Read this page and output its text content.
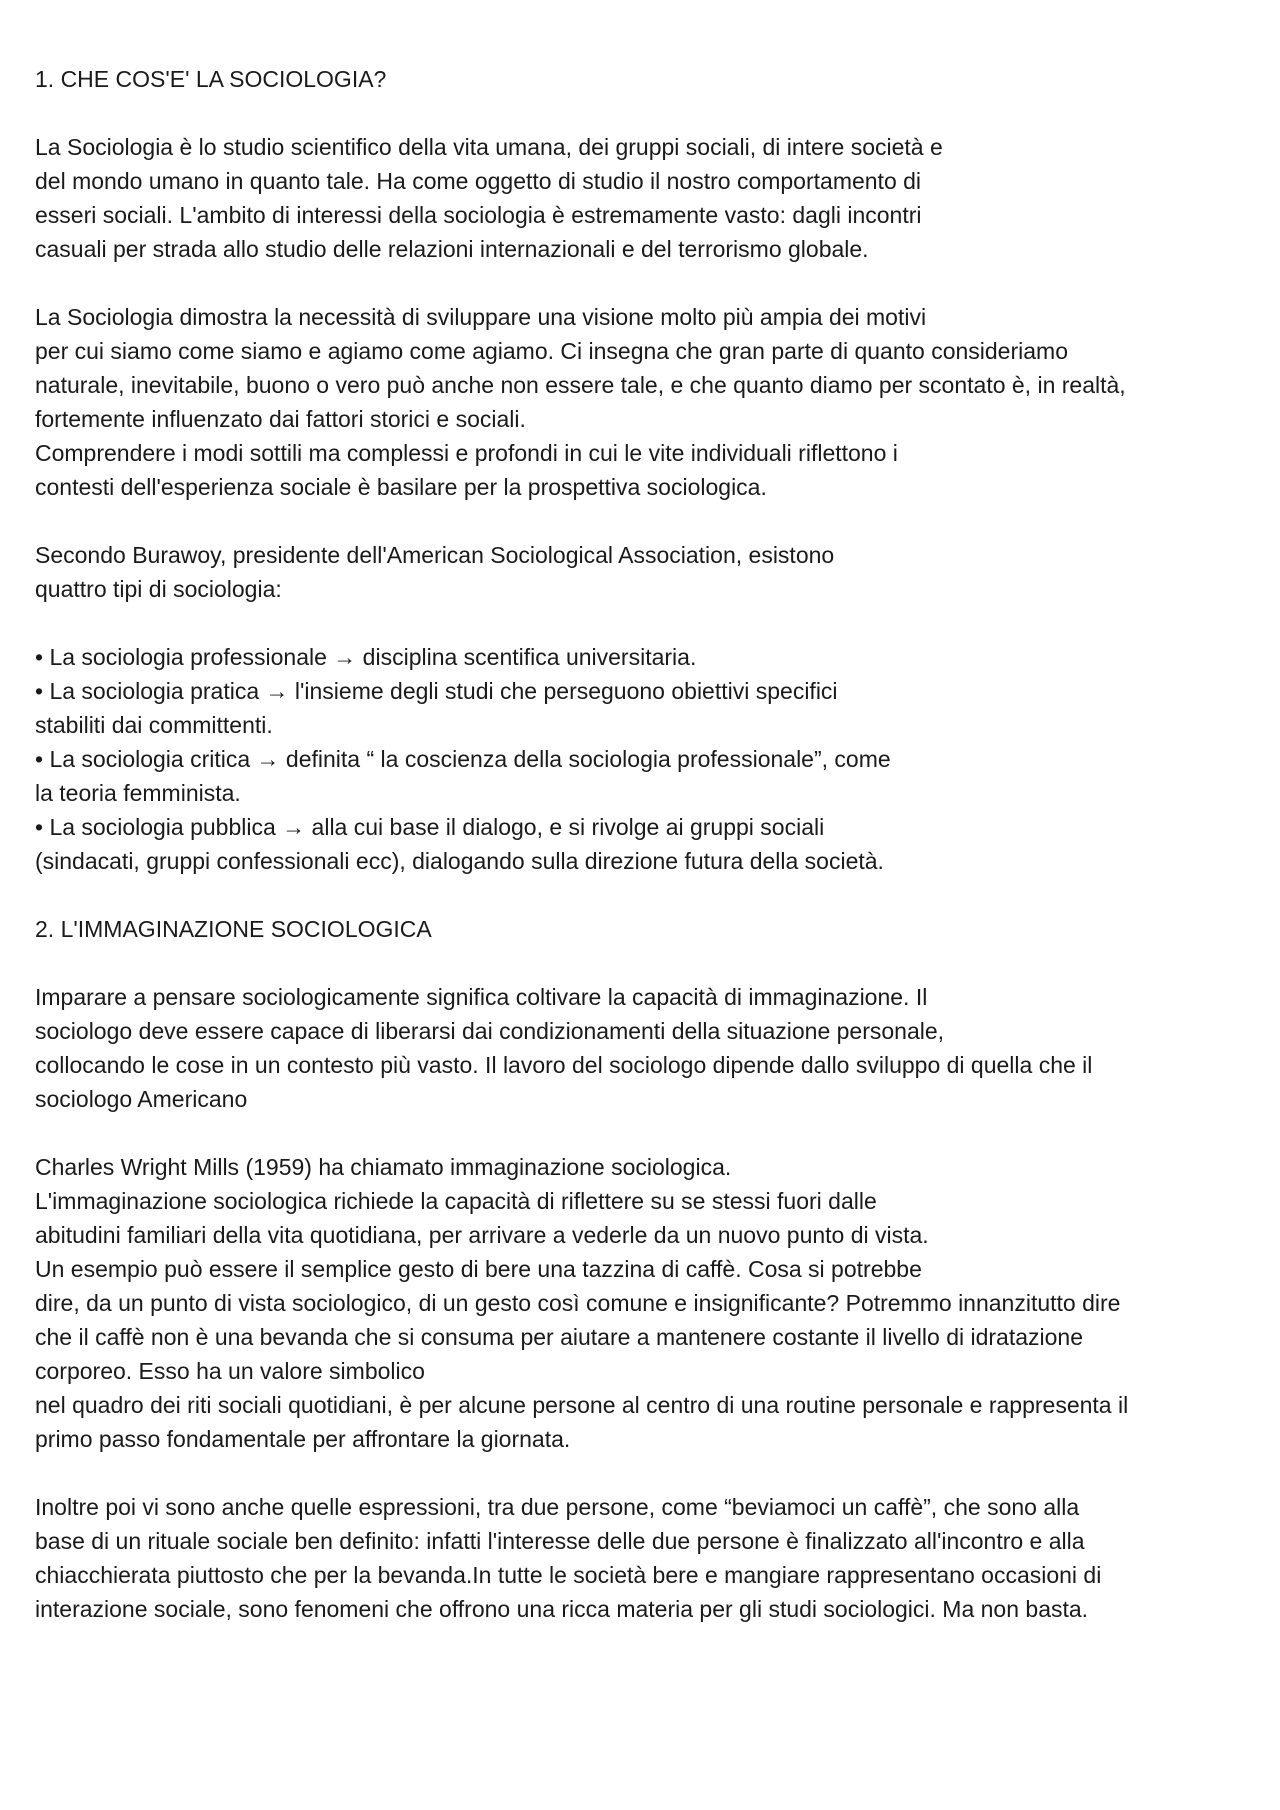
1. CHE COS'E' LA SOCIOLOGIA?
La Sociologia è lo studio scientifico della vita umana, dei gruppi sociali, di intere società e
del mondo umano in quanto tale. Ha come oggetto di studio il nostro comportamento di
esseri sociali. L'ambito di interessi della sociologia è estremamente vasto: dagli incontri
casuali per strada allo studio delle relazioni internazionali e del terrorismo globale.
La Sociologia dimostra la necessità di sviluppare una visione molto più ampia dei motivi
per cui siamo come siamo e agiamo come agiamo. Ci insegna che gran parte di quanto consideriamo
naturale, inevitabile, buono o vero può anche non essere tale, e che quanto diamo per scontato è, in realtà,
fortemente influenzato dai fattori storici e sociali.
Comprendere i modi sottili ma complessi e profondi in cui le vite individuali riflettono i
contesti dell'esperienza sociale è basilare per la prospettiva sociologica.
Secondo Burawoy, presidente dell'American Sociological Association, esistono
quattro tipi di sociologia:
• La sociologia professionale → disciplina scentifica universitaria.
• La sociologia pratica → l'insieme degli studi che perseguono obiettivi specifici
stabiliti dai committenti.
• La sociologia critica → definita “ la coscienza della sociologia professionale”, come
la teoria femminista.
• La sociologia pubblica → alla cui base il dialogo, e si rivolge ai gruppi sociali
(sindacati, gruppi confessionali ecc), dialogando sulla direzione futura della società.
2. L'IMMAGINAZIONE SOCIOLOGICA
Imparare a pensare sociologicamente significa coltivare la capacità di immaginazione. Il
sociologo deve essere capace di liberarsi dai condizionamenti della situazione personale,
collocando le cose in un contesto più vasto. Il lavoro del sociologo dipende dallo sviluppo di quella che il
sociologo Americano
Charles Wright Mills (1959) ha chiamato immaginazione sociologica.
L'immaginazione sociologica richiede la capacità di riflettere su se stessi fuori dalle
abitudini familiari della vita quotidiana, per arrivare a vederle da un nuovo punto di vista.
Un esempio può essere il semplice gesto di bere una tazzina di caffè. Cosa si potrebbe
dire, da un punto di vista sociologico, di un gesto così comune e insignificante? Potremmo innanzitutto dire
che il caffè non è una bevanda che si consuma per aiutare a mantenere costante il livello di idratazione
corporeo. Esso ha un valore simbolico
nel quadro dei riti sociali quotidiani, è per alcune persone al centro di una routine personale e rappresenta il
primo passo fondamentale per affrontare la giornata.
Inoltre poi vi sono anche quelle espressioni, tra due persone, come “beviamoci un caffè”, che sono alla
base di un rituale sociale ben definito: infatti l'interesse delle due persone è finalizzato all'incontro e alla
chiacchierata piuttosto che per la bevanda.In tutte le società bere e mangiare rappresentano occasioni di
interazione sociale, sono fenomeni che offrono una ricca materia per gli studi sociologici. Ma non basta.
